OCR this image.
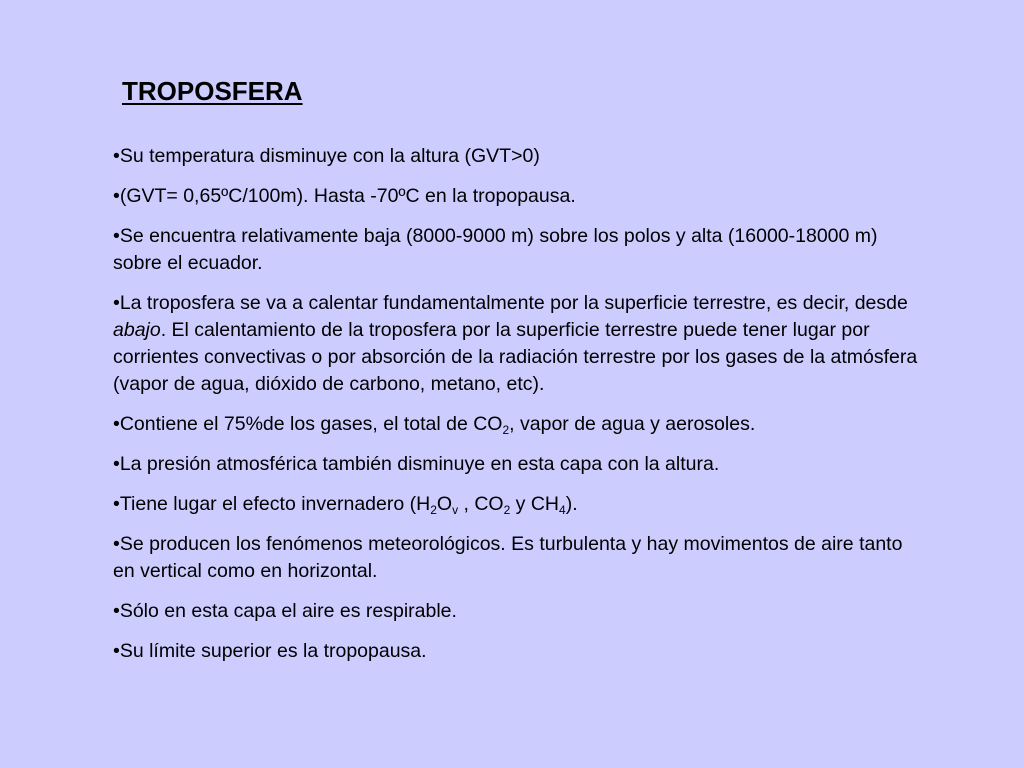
TROPOSFERA
•Su temperatura disminuye con la altura (GVT>0)
•(GVT= 0,65ºC/100m). Hasta -70ºC en la tropopausa.
•Se encuentra relativamente baja (8000-9000 m) sobre los polos y alta (16000-18000 m) sobre el ecuador.
•La troposfera se va a calentar fundamentalmente por la superficie terrestre, es decir, desde abajo. El calentamiento de la troposfera por la superficie terrestre puede tener lugar por corrientes convectivas o por absorción de la radiación terrestre por los gases de la atmósfera (vapor de agua, dióxido de carbono, metano, etc).
•Contiene el 75%de los gases, el total de $CO_2$, vapor de agua y aerosoles.
•La presión atmosférica también disminuye en esta capa con la altura.
•Tiene lugar el efecto invernadero ($H_2O_v$ , $CO_2$ y $CH_4$).
•Se producen los fenómenos meteorológicos. Es turbulenta y hay movimentos de aire tanto en vertical como en horizontal.
•Sólo en esta capa el aire es respirable.
•Su límite superior es la tropopausa.
